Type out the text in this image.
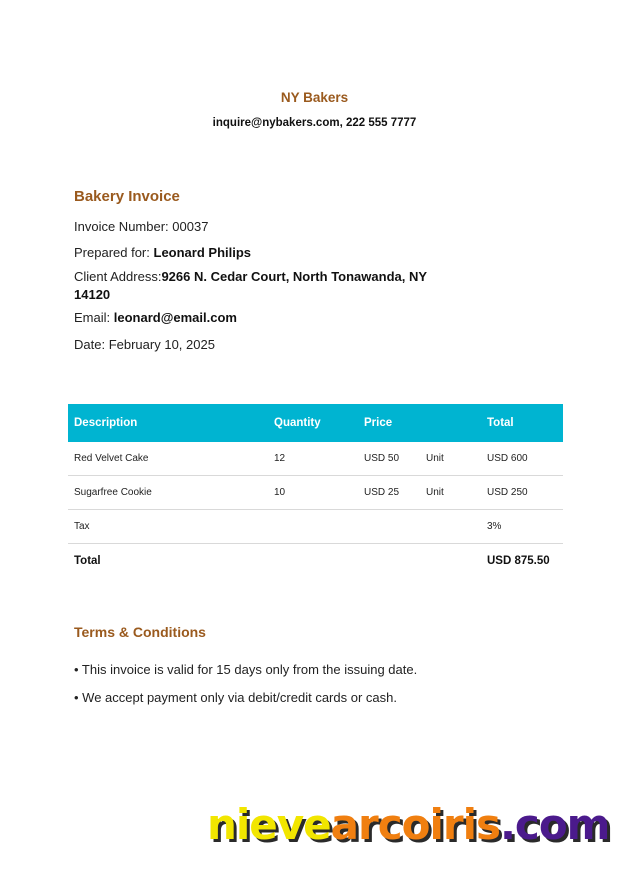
NY Bakers
inquire@nybakers.com, 222 555 7777
Bakery Invoice
Invoice Number: 00037
Prepared for: Leonard Philips
Client Address:9266 N. Cedar Court, North Tonawanda, NY 14120
Email: leonard@email.com
Date: February 10, 2025
Description	Quantity	Price		Total
Red Velvet Cake	12	USD 50	Unit	USD 600
Sugarfree Cookie	10	USD 25	Unit	USD 250
Tax				3%
Total				USD 875.50
Terms & Conditions
• This invoice is valid for 15 days only from the issuing date.
• We accept payment only via debit/credit cards or cash.
nievearcoiris.com
